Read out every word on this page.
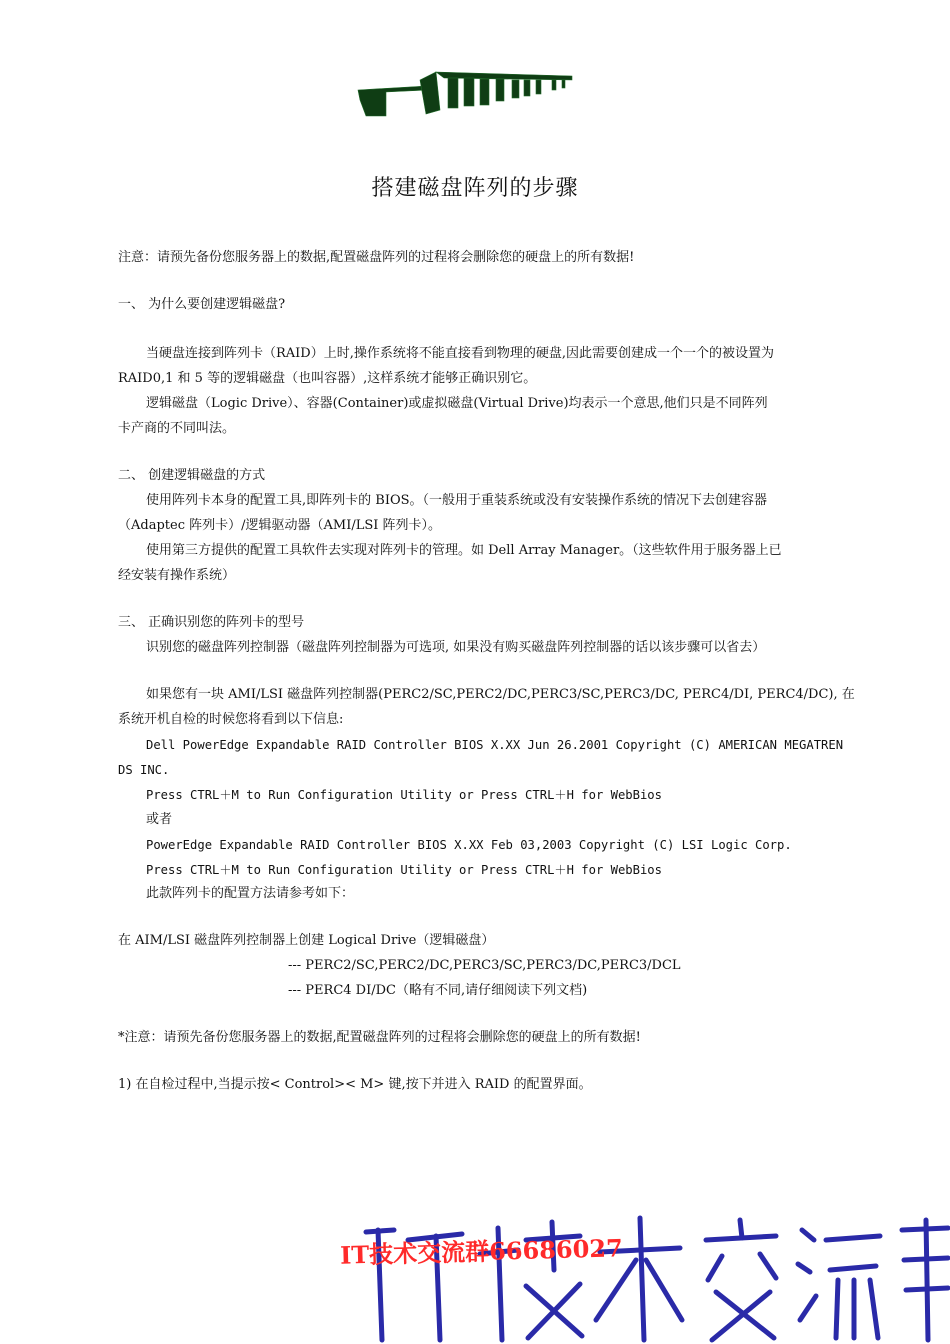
搭建磁盘阵列的步骤
注意：请预先备份您服务器上的数据,配置磁盘阵列的过程将会删除您的硬盘上的所有数据!
一、 为什么要创建逻辑磁盘?
当硬盘连接到阵列卡（RAID）上时,操作系统将不能直接看到物理的硬盘,因此需要创建成一个一个的被设置为
RAID0,1 和 5 等的逻辑磁盘（也叫容器）,这样系统才能够正确识别它。
逻辑磁盘（Logic Drive）、容器(Container)或虚拟磁盘(Virtual Drive)均表示一个意思,他们只是不同阵列
卡产商的不同叫法。
二、 创建逻辑磁盘的方式
使用阵列卡本身的配置工具,即阵列卡的 BIOS。（一般用于重装系统或没有安装操作系统的情况下去创建容器
（Adaptec 阵列卡）/逻辑驱动器（AMI/LSI 阵列卡）。
使用第三方提供的配置工具软件去实现对阵列卡的管理。如 Dell Array Manager。（这些软件用于服务器上已
经安装有操作系统）
三、 正确识别您的阵列卡的型号
识别您的磁盘阵列控制器（磁盘阵列控制器为可选项, 如果没有购买磁盘阵列控制器的话以该步骤可以省去）
如果您有一块 AMI/LSI 磁盘阵列控制器(PERC2/SC,PERC2/DC,PERC3/SC,PERC3/DC, PERC4/DI, PERC4/DC), 在
系统开机自检的时候您将看到以下信息:
Dell PowerEdge Expandable RAID Controller BIOS X.XX Jun 26.2001 Copyright (C) AMERICAN MEGATREN
DS INC.
Press CTRL＋M to Run Configuration Utility or Press CTRL＋H for WebBios
或者
PowerEdge Expandable RAID Controller BIOS X.XX Feb 03,2003 Copyright (C) LSI Logic Corp.
Press CTRL＋M to Run Configuration Utility or Press CTRL＋H for WebBios
此款阵列卡的配置方法请参考如下：
在 AIM/LSI 磁盘阵列控制器上创建 Logical Drive（逻辑磁盘）
--- PERC2/SC,PERC2/DC,PERC3/SC,PERC3/DC,PERC3/DCL
--- PERC4 DI/DC（略有不同,请仔细阅读下列文档)
*注意：请预先备份您服务器上的数据,配置磁盘阵列的过程将会删除您的硬盘上的所有数据!
1) 在自检过程中,当提示按< Control>< M> 键,按下并进入 RAID 的配置界面。
IT技术交流群66686027
